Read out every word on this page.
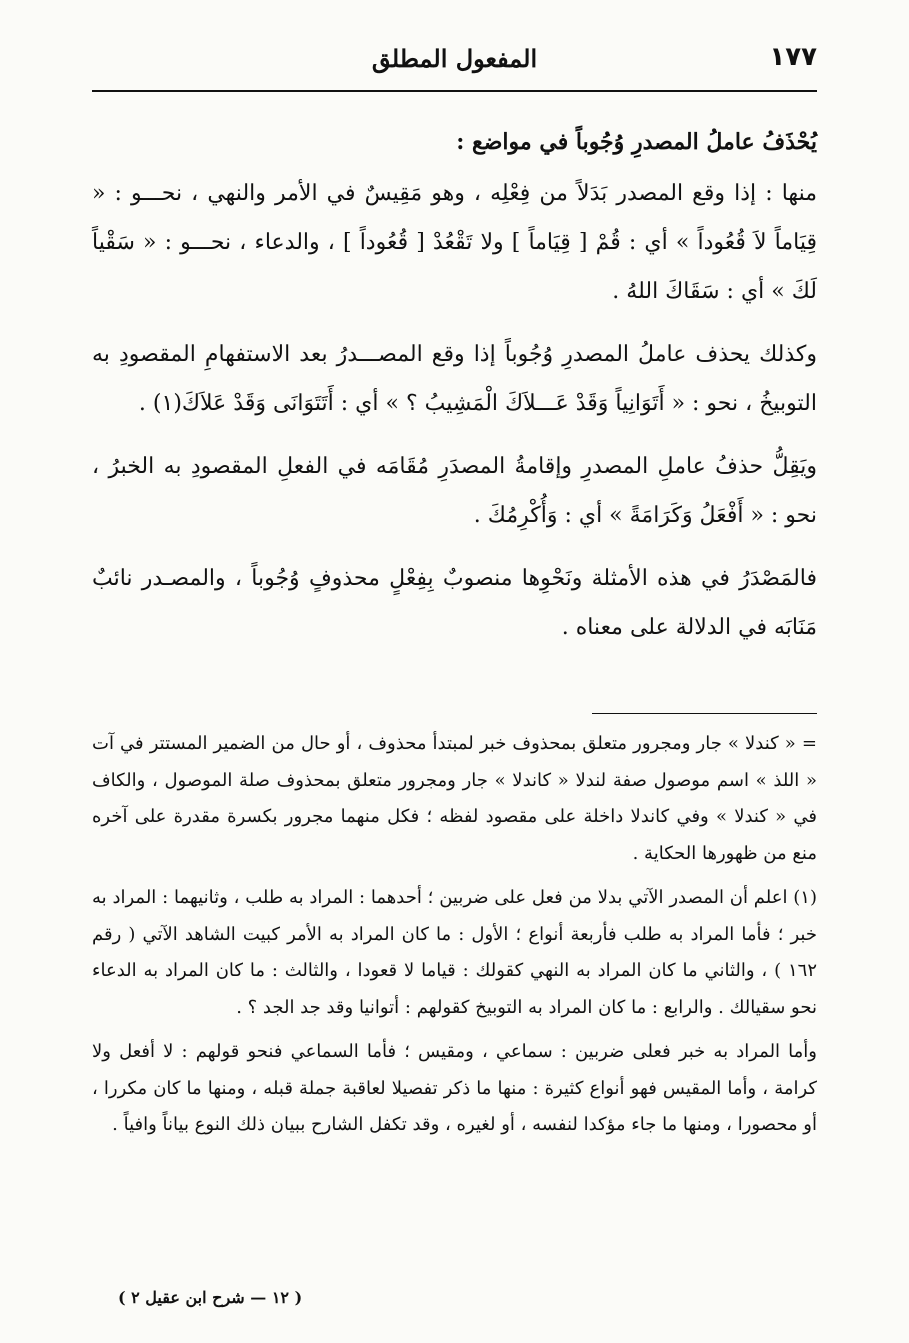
١٧٧
المفعول المطلق

يُحْذَفُ عاملُ المصدرِ وُجُوباً في مواضع :

منها : إذا وقع المصدر بَدَلاً من فِعْلِه ، وهو مَقِيسٌ في الأمر والنهي ، نحـــو : « قِيَاماً لاَ قُعُوداً » أي : قُمْ [ قِيَاماً ] ولا تَقْعُدْ [ قُعُوداً ] ، والدعاء ، نحـــو : « سَقْياً لَكَ » أي : سَقَاكَ اللهُ .

وكذلك يحذف عاملُ المصدرِ وُجُوباً إذا وقع المصـــدرُ بعد الاستفهامِ المقصودِ به التوبيخُ ، نحو : « أَتَوَانِياً وَقَدْ عَـــلاَكَ الْمَشِيبُ ؟ » أي : أَتَتَوَانَى وَقَدْ عَلاَكَ(١) .

ويَقِلُّ حذفُ عاملِ المصدرِ وإقامةُ المصدَرِ مُقَامَه في الفعلِ المقصودِ به الخبرُ ، نحو : « أَفْعَلُ وَكَرَامَةً » أي : وَأُكْرِمُكَ .

فالمَصْدَرُ في هذه الأمثلة ونَحْوِها منصوبٌ بِفِعْلٍ محذوفٍ وُجُوباً ، والمصـدر نائبٌ مَنَابَه في الدلالة على معناه .

= « كندلا » جار ومجرور متعلق بمحذوف خبر لمبتدأ محذوف ، أو حال من الضمير المستتر في آت « اللذ » اسم موصول صفة لندلا « كاندلا » جار ومجرور متعلق بمحذوف صلة الموصول ، والكاف في « كندلا » وفي كاندلا داخلة على مقصود لفظه ؛ فكل منهما مجرور بكسرة مقدرة على آخره منع من ظهورها الحكاية .

(١) اعلم أن المصدر الآتي بدلا من فعل على ضربين ؛ أحدهما : المراد به طلب ، وثانيهما : المراد به خبر ؛ فأما المراد به طلب فأربعة أنواع ؛ الأول : ما كان المراد به الأمر كبيت الشاهد الآتي ( رقم ١٦٢ ) ، والثاني ما كان المراد به النهي كقولك : قياما لا قعودا ، والثالث : ما كان المراد به الدعاء نحو سقيالك . والرابع : ما كان المراد به التوبيخ كقولهم : أتوانيا وقد جد الجد ؟ .

وأما المراد به خبر فعلى ضربين : سماعي ، ومقيس ؛ فأما السماعي فنحو قولهم : لا أفعل ولا كرامة ، وأما المقيس فهو أنواع كثيرة : منها ما ذكر تفصيلا لعاقبة جملة قبله ، ومنها ما كان مكررا ، أو محصورا ، ومنها ما جاء مؤكدا لنفسه ، أو لغيره ، وقد تكفل الشارح ببيان ذلك النوع بياناً وافياً .

( ١٢ — شرح ابن عقيل ٢ )
